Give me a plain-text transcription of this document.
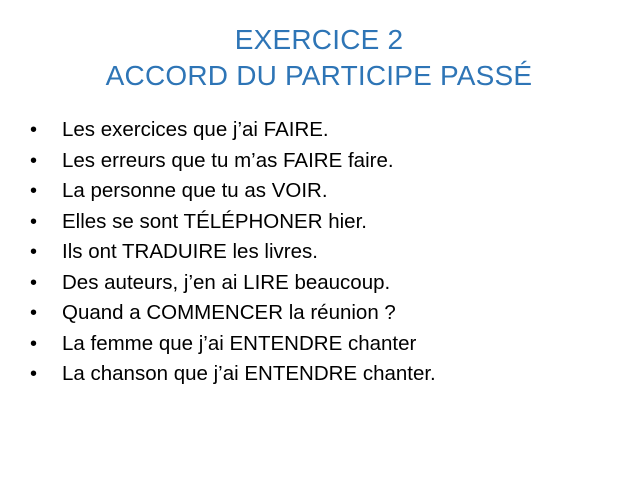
EXERCICE 2
ACCORD DU PARTICIPE PASSÉ
• Les exercices que j’ai FAIRE.
• Les erreurs que tu m’as FAIRE faire.
• La personne que tu as VOIR.
• Elles se sont TÉLÉPHONER hier.
• Ils ont TRADUIRE les livres.
• Des auteurs, j’en ai LIRE beaucoup.
• Quand a COMMENCER la réunion ?
• La femme que j’ai ENTENDRE chanter
• La chanson que j’ai ENTENDRE chanter.
